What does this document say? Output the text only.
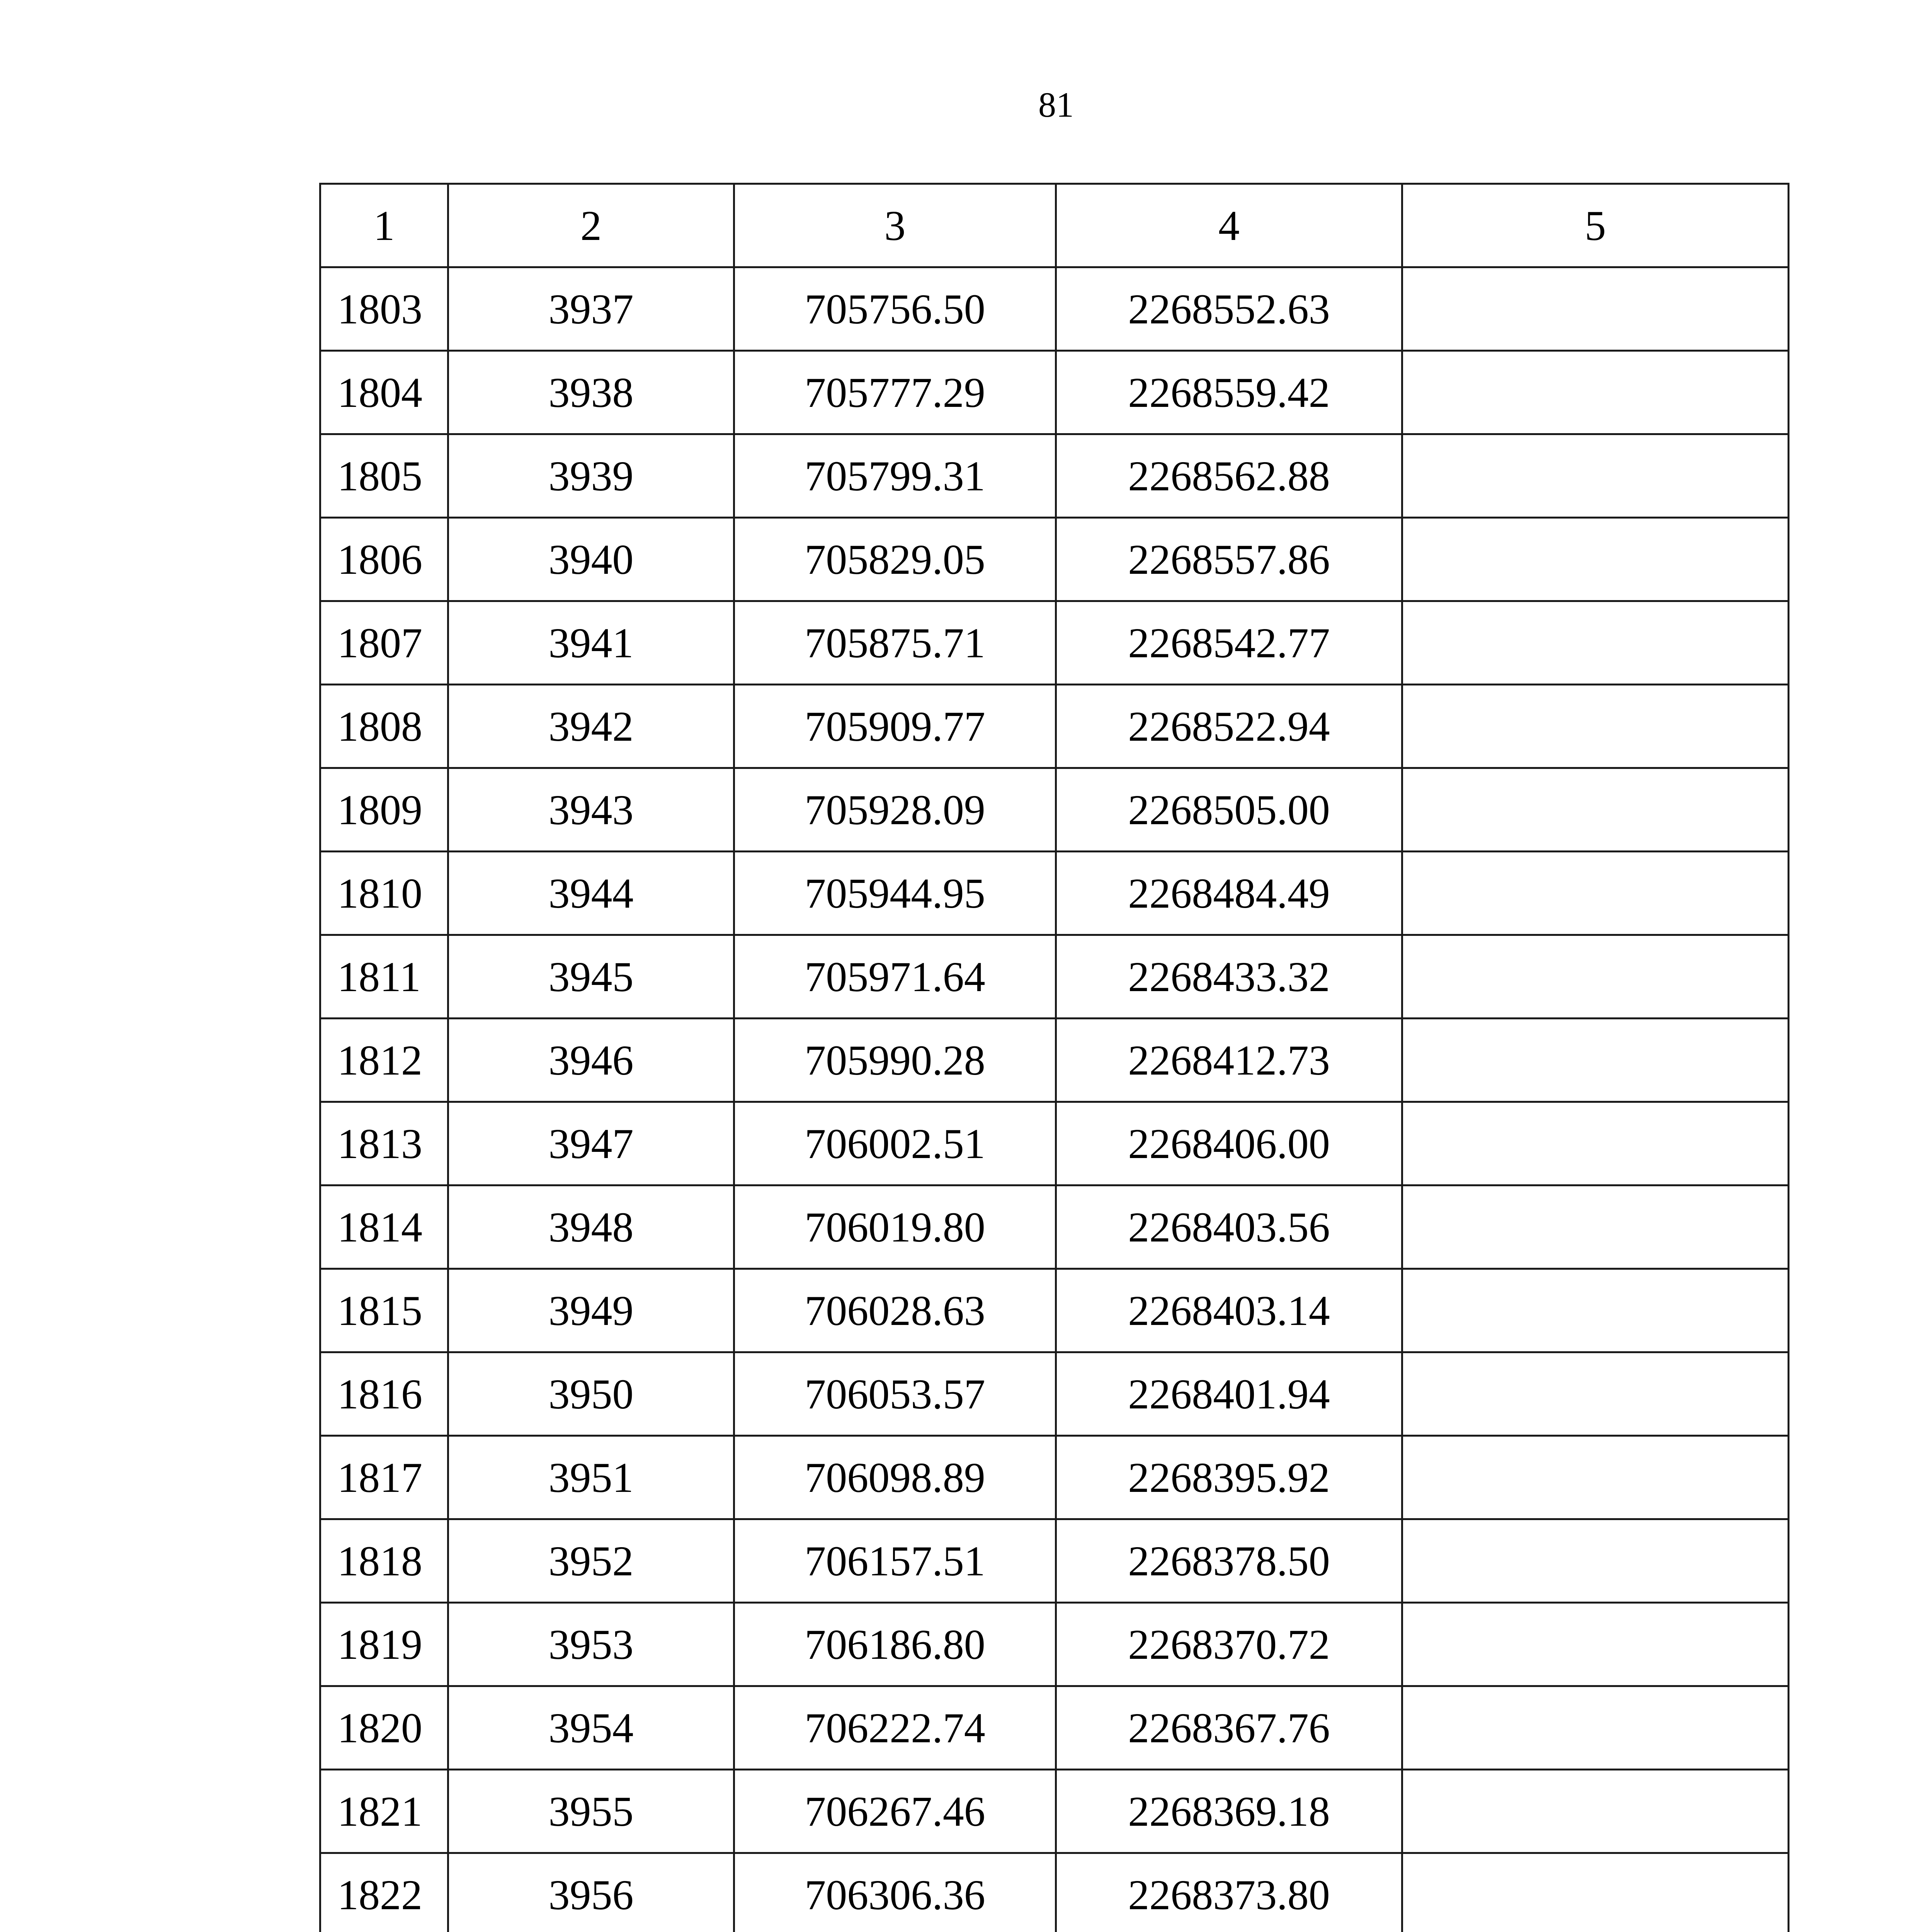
81
1	2	3	4	5
1803	3937	705756.50	2268552.63	
1804	3938	705777.29	2268559.42	
1805	3939	705799.31	2268562.88	
1806	3940	705829.05	2268557.86	
1807	3941	705875.71	2268542.77	
1808	3942	705909.77	2268522.94	
1809	3943	705928.09	2268505.00	
1810	3944	705944.95	2268484.49	
1811	3945	705971.64	2268433.32	
1812	3946	705990.28	2268412.73	
1813	3947	706002.51	2268406.00	
1814	3948	706019.80	2268403.56	
1815	3949	706028.63	2268403.14	
1816	3950	706053.57	2268401.94	
1817	3951	706098.89	2268395.92	
1818	3952	706157.51	2268378.50	
1819	3953	706186.80	2268370.72	
1820	3954	706222.74	2268367.76	
1821	3955	706267.46	2268369.18	
1822	3956	706306.36	2268373.80	
